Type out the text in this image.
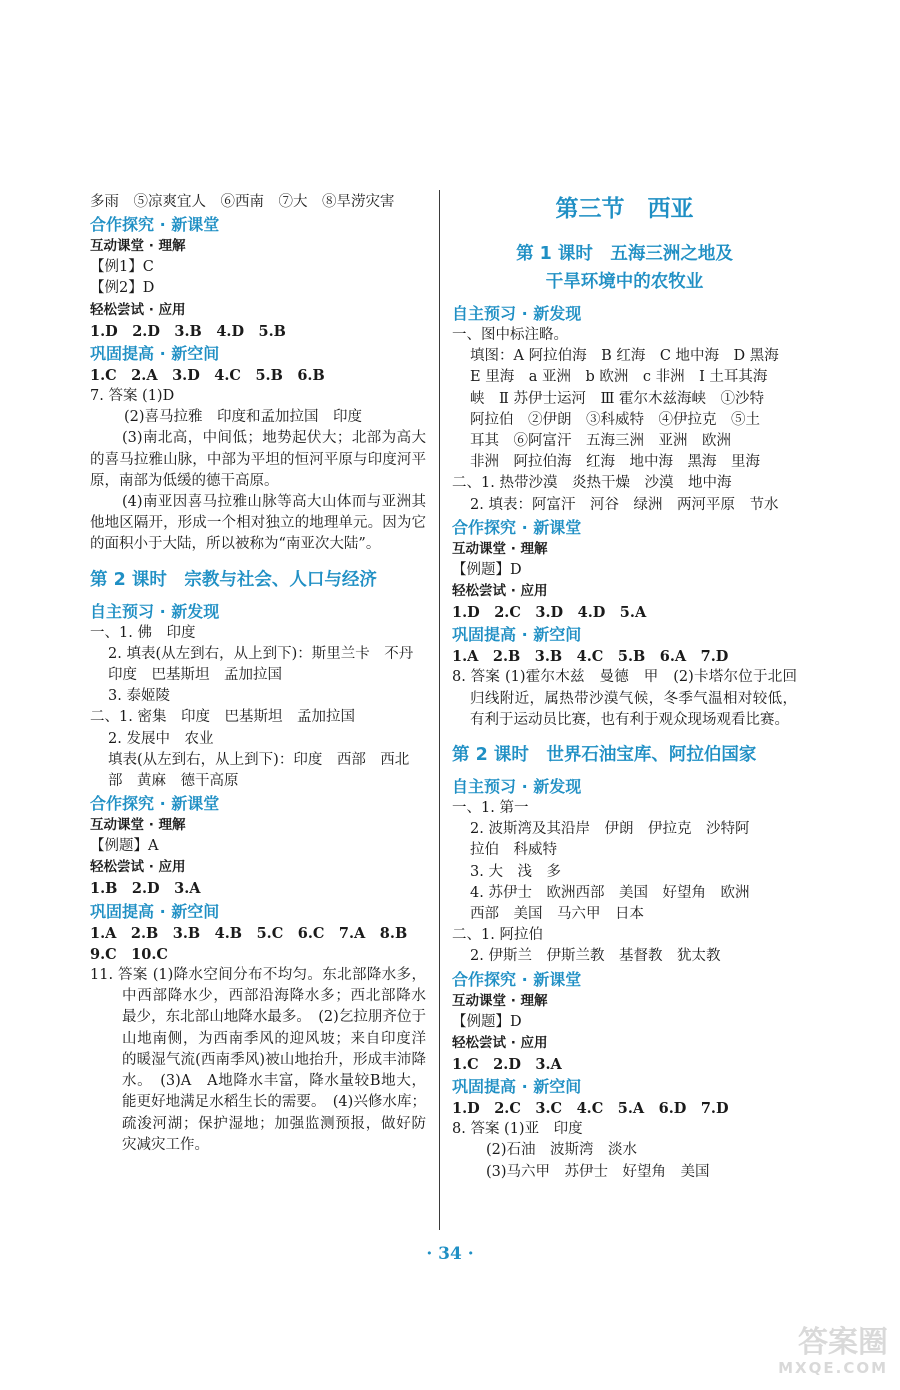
多雨　⑤凉爽宜人　⑥西南　⑦大　⑧旱涝灾害

合作探究 · 新课堂

互动课堂 · 理解

【例1】C

【例2】D

轻松尝试 · 应用

1.D　2.D　3.B　4.D　5.B

巩固提高 · 新空间

1.C　2.A　3.D　4.C　5.B　6.B

7. 答案 (1)D

(2)喜马拉雅　印度和孟加拉国　印度

(3)南北高，中间低；地势起伏大；北部为高大的喜马拉雅山脉，中部为平坦的恒河平原与印度河平原，南部为低缓的德干高原。

(4)南亚因喜马拉雅山脉等高大山体而与亚洲其他地区隔开，形成一个相对独立的地理单元。因为它的面积小于大陆，所以被称为“南亚次大陆”。

第 2 课时　宗教与社会、人口与经济

自主预习 · 新发现

一、1. 佛　印度

2. 填表(从左到右，从上到下)：斯里兰卡　不丹

印度　巴基斯坦　孟加拉国

3. 泰姬陵

二、1. 密集　印度　巴基斯坦　孟加拉国

2. 发展中　农业

填表(从左到右，从上到下)：印度　西部　西北

部　黄麻　德干高原

合作探究 · 新课堂

互动课堂 · 理解

【例题】A

轻松尝试 · 应用

1.B　2.D　3.A

巩固提高 · 新空间

1.A　2.B　3.B　4.B　5.C　6.C　7.A　8.B

9.C　10.C

11. 答案 (1)降水空间分布不均匀。东北部降水多，中西部降水少，西部沿海降水多；西北部降水最少，东北部山地降水最多。　(2)乞拉朋齐位于山地南侧，为西南季风的迎风坡；来自印度洋的暖湿气流(西南季风)被山地抬升，形成丰沛降水。　(3)A　A地降水丰富，降水量较B地大，能更好地满足水稻生长的需要。　(4)兴修水库；疏浚河湖；保护湿地；加强监测预报，做好防灾减灾工作。

第三节　西亚

第 1 课时　五海三洲之地及

干旱环境中的农牧业

自主预习 · 新发现

一、图中标注略。

填图：A 阿拉伯海　B 红海　C 地中海　D 黑海

E 里海　a 亚洲　b 欧洲　c 非洲　Ⅰ 土耳其海

峡　Ⅱ 苏伊士运河　Ⅲ 霍尔木兹海峡　①沙特

阿拉伯　②伊朗　③科威特　④伊拉克　⑤土

耳其　⑥阿富汗　五海三洲　亚洲　欧洲

非洲　阿拉伯海　红海　地中海　黑海　里海

二、1. 热带沙漠　炎热干燥　沙漠　地中海

2. 填表：阿富汗　河谷　绿洲　两河平原　节水

合作探究 · 新课堂

互动课堂 · 理解

【例题】D

轻松尝试 · 应用

1.D　2.C　3.D　4.D　5.A

巩固提高 · 新空间

1.A　2.B　3.B　4.C　5.B　6.A　7.D

8. 答案 (1)霍尔木兹　曼德　甲　(2)卡塔尔位于北回归线附近，属热带沙漠气候，冬季气温相对较低，有利于运动员比赛，也有利于观众现场观看比赛。

第 2 课时　世界石油宝库、阿拉伯国家

自主预习 · 新发现

一、1. 第一

2. 波斯湾及其沿岸　伊朗　伊拉克　沙特阿

拉伯　科威特

3. 大　浅　多

4. 苏伊士　欧洲西部　美国　好望角　欧洲

西部　美国　马六甲　日本

二、1. 阿拉伯

2. 伊斯兰　伊斯兰教　基督教　犹太教

合作探究 · 新课堂

互动课堂 · 理解

【例题】D

轻松尝试 · 应用

1.C　2.D　3.A

巩固提高 · 新空间

1.D　2.C　3.C　4.C　5.A　6.D　7.D

8. 答案 (1)亚　印度

(2)石油　波斯湾　淡水

(3)马六甲　苏伊士　好望角　美国

· 34 ·
答案圈
MXQE.COM
